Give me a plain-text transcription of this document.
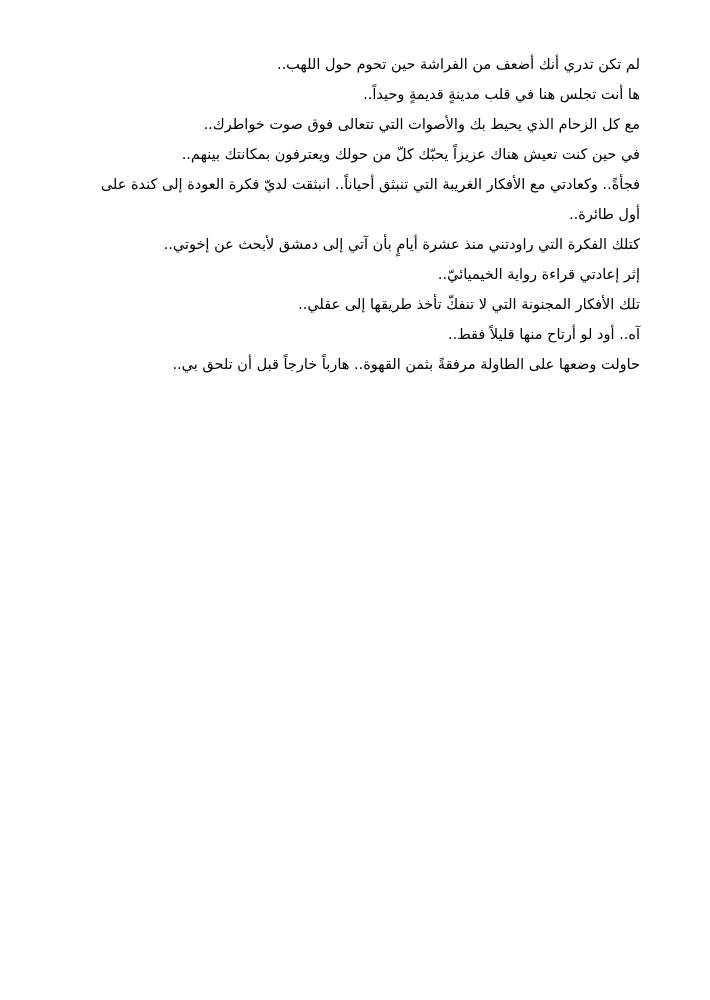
لم تكن تدري أنك أضعف من الفراشة حين تحوم حول اللهب..

ها أنت تجلس هنا في قلب مدينةٍ قديمةٍ وحيداً..

مع كل الزحام الذي يحيط بك والأصوات التي تتعالى فوق صوت خواطرك..

في حين كنت تعيش هناك عزيزاً يحبّك كلّ من حولك ويعترفون بمكانتك بينهم..

فجأةً.. وكعادتي مع الأفكار الغريبة التي تنبثق أحياناً.. انبثقت لديّ فكرة العودة إلى كندة على

أول طائرة..

كتلك الفكرة التي راودتني منذ عشرة أيامٍ بأن آتي إلى دمشق لأبحث عن إخوتي..

إثر إعادتي قراءة رواية الخيميائيّ..

تلك الأفكار المجنونة التي لا تنفكّ تأخذ طريقها إلى عقلي..

آه.. أود لو أرتاح منها قليلاً فقط..

حاولت وضعها على الطاولة مرفقةً بثمن القهوة.. هارباً خارجاً قبل أن تلحق بي..
